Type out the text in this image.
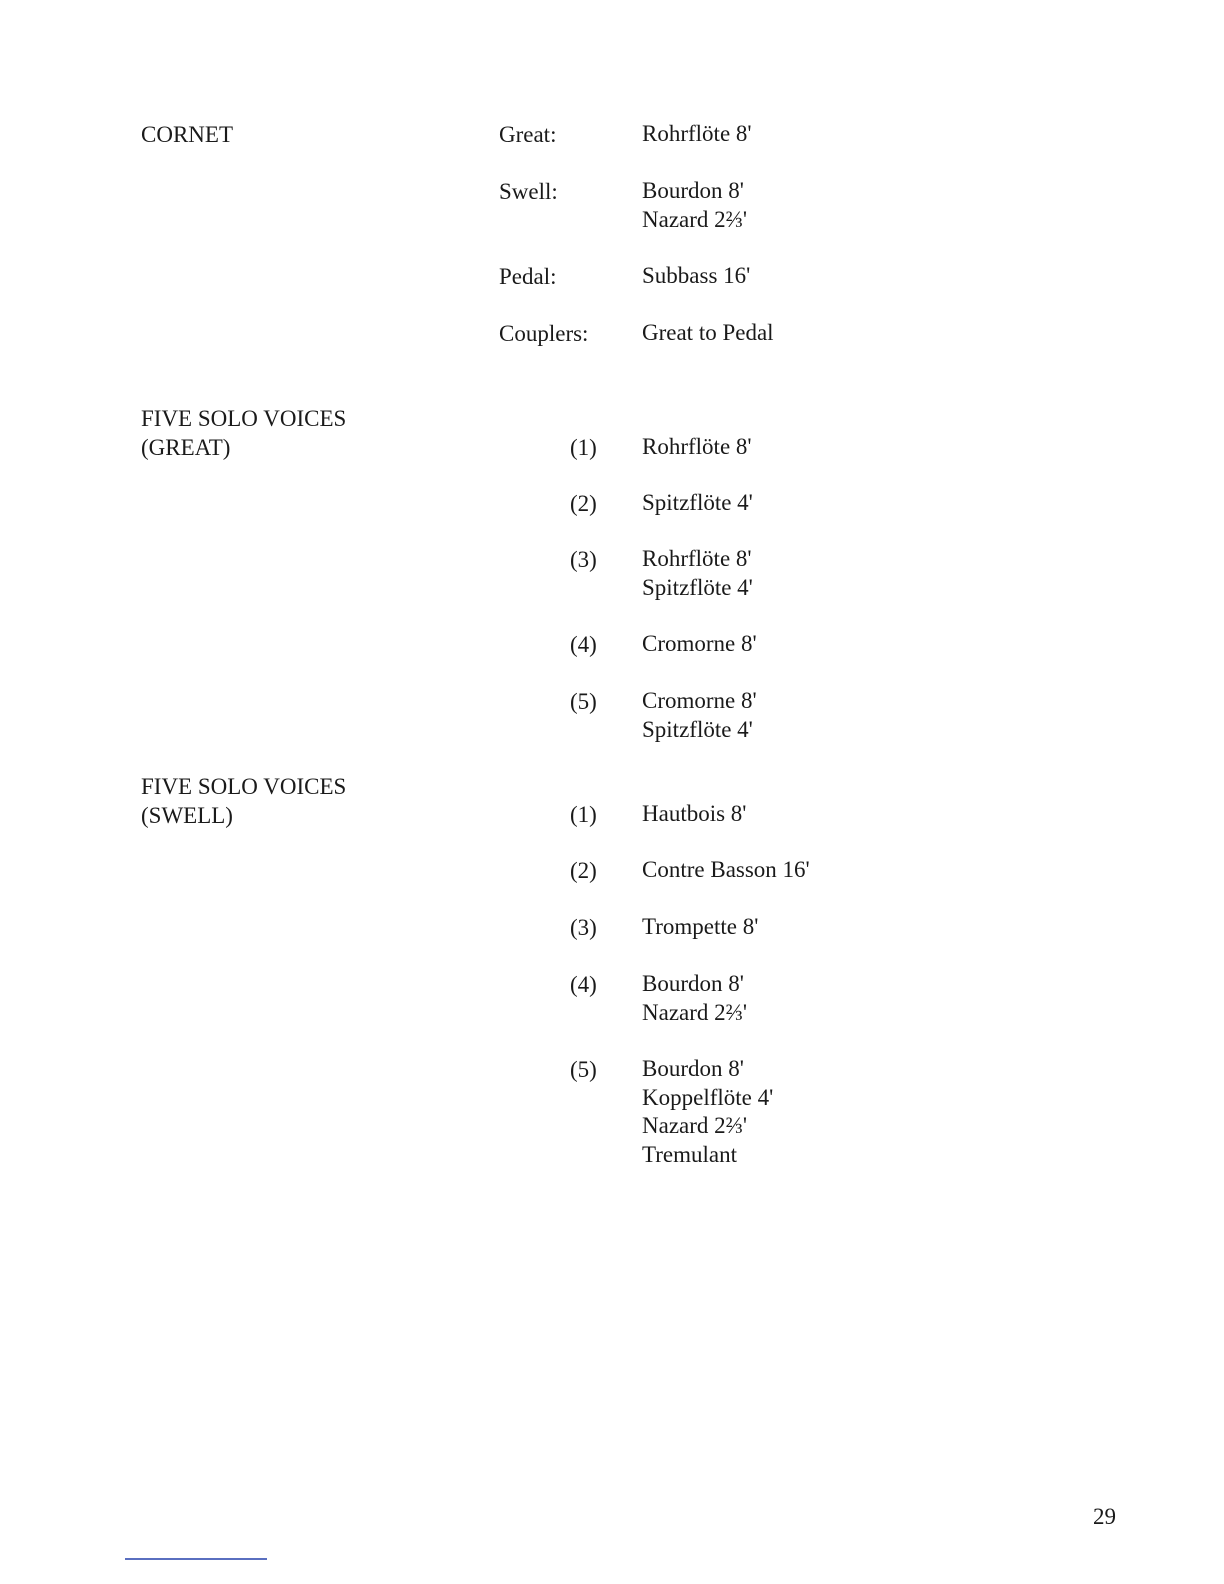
CORNET	Great:	Rohrflöte 8'
Swell:	Bourdon 8'
Nazard 2⅔'
Pedal:	Subbass 16'
Couplers: Great to Pedal
FIVE SOLO VOICES
(GREAT)	(1) Rohrflöte 8'
(2) Spitzflöte 4'
(3) Rohrflöte 8'
Spitzflöte 4'
(4) Cromorne 8'
(5) Cromorne 8'
Spitzflöte 4'
FIVE SOLO VOICES
(SWELL)	(1) Hautbois 8'
(2) Contre Basson 16'
(3) Trompette 8'
(4) Bourdon 8'
Nazard 2⅔'
(5) Bourdon 8'
Koppelflöte 4'
Nazard 2⅔'
Tremulant
29
